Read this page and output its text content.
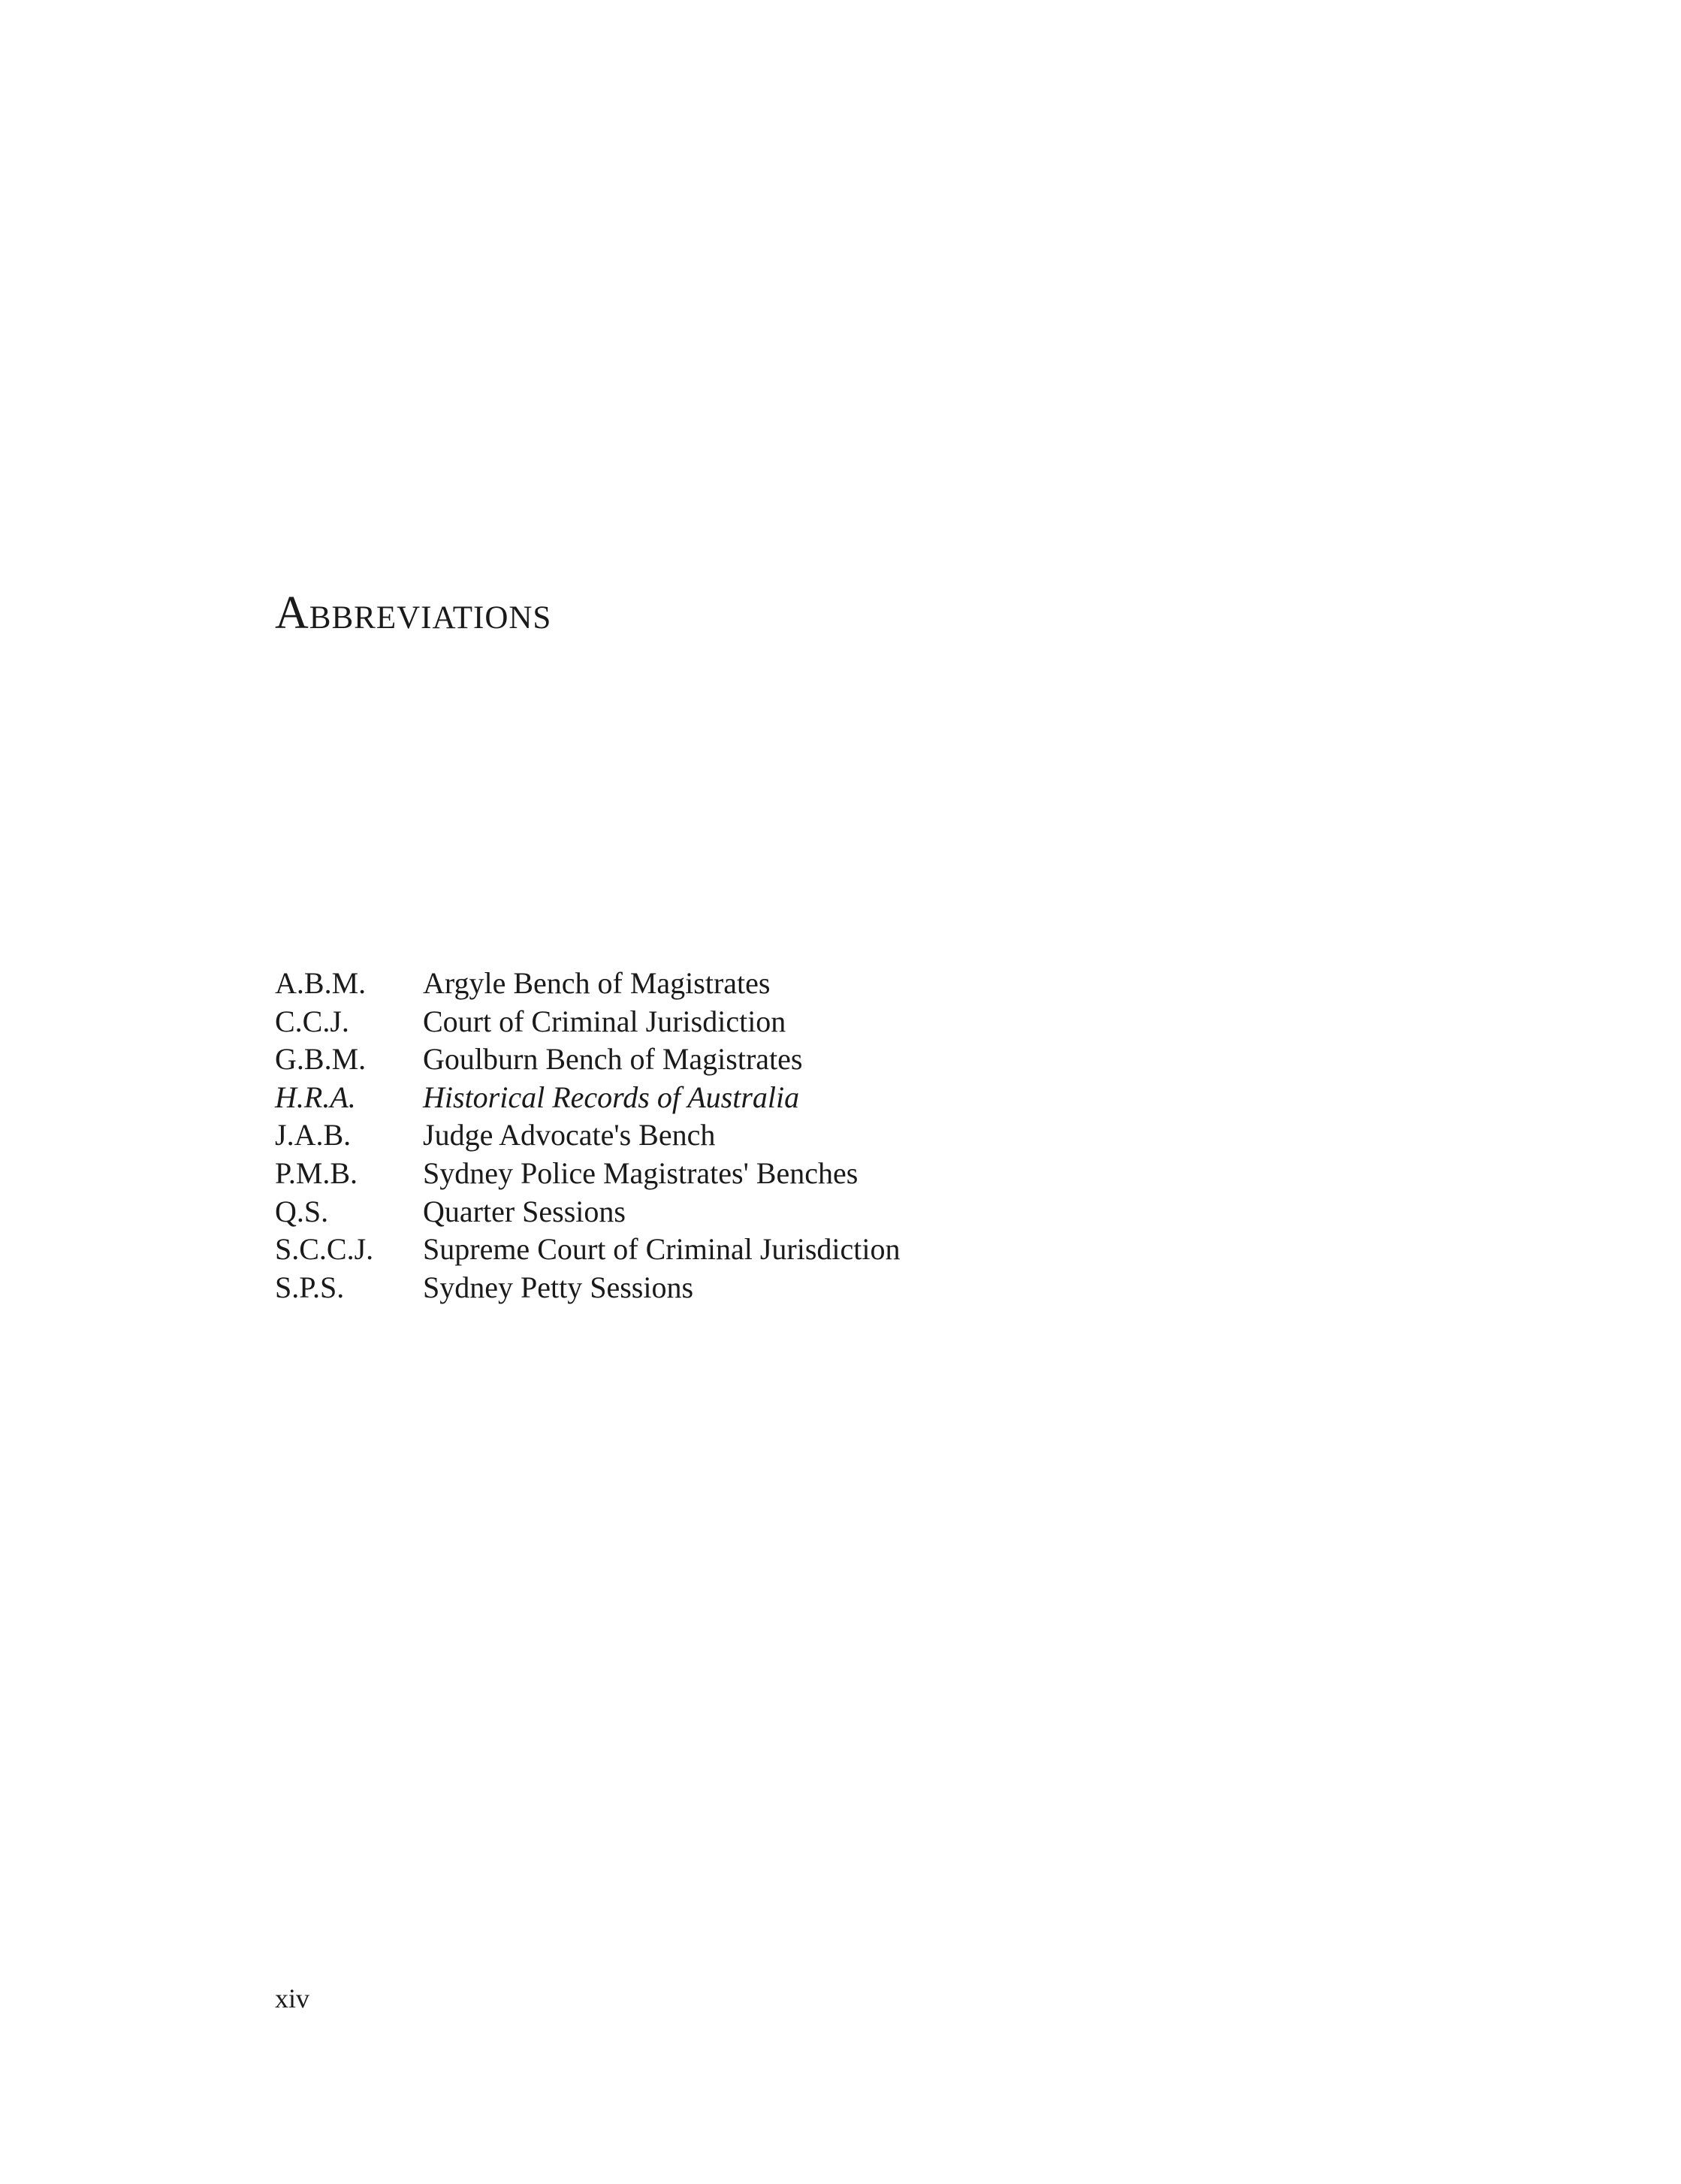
Abbreviations
A.B.M.	Argyle Bench of Magistrates
C.C.J.	Court of Criminal Jurisdiction
G.B.M.	Goulburn Bench of Magistrates
H.R.A.	Historical Records of Australia
J.A.B.	Judge Advocate's Bench
P.M.B.	Sydney Police Magistrates' Benches
Q.S.	Quarter Sessions
S.C.C.J.	Supreme Court of Criminal Jurisdiction
S.P.S.	Sydney Petty Sessions
xiv
